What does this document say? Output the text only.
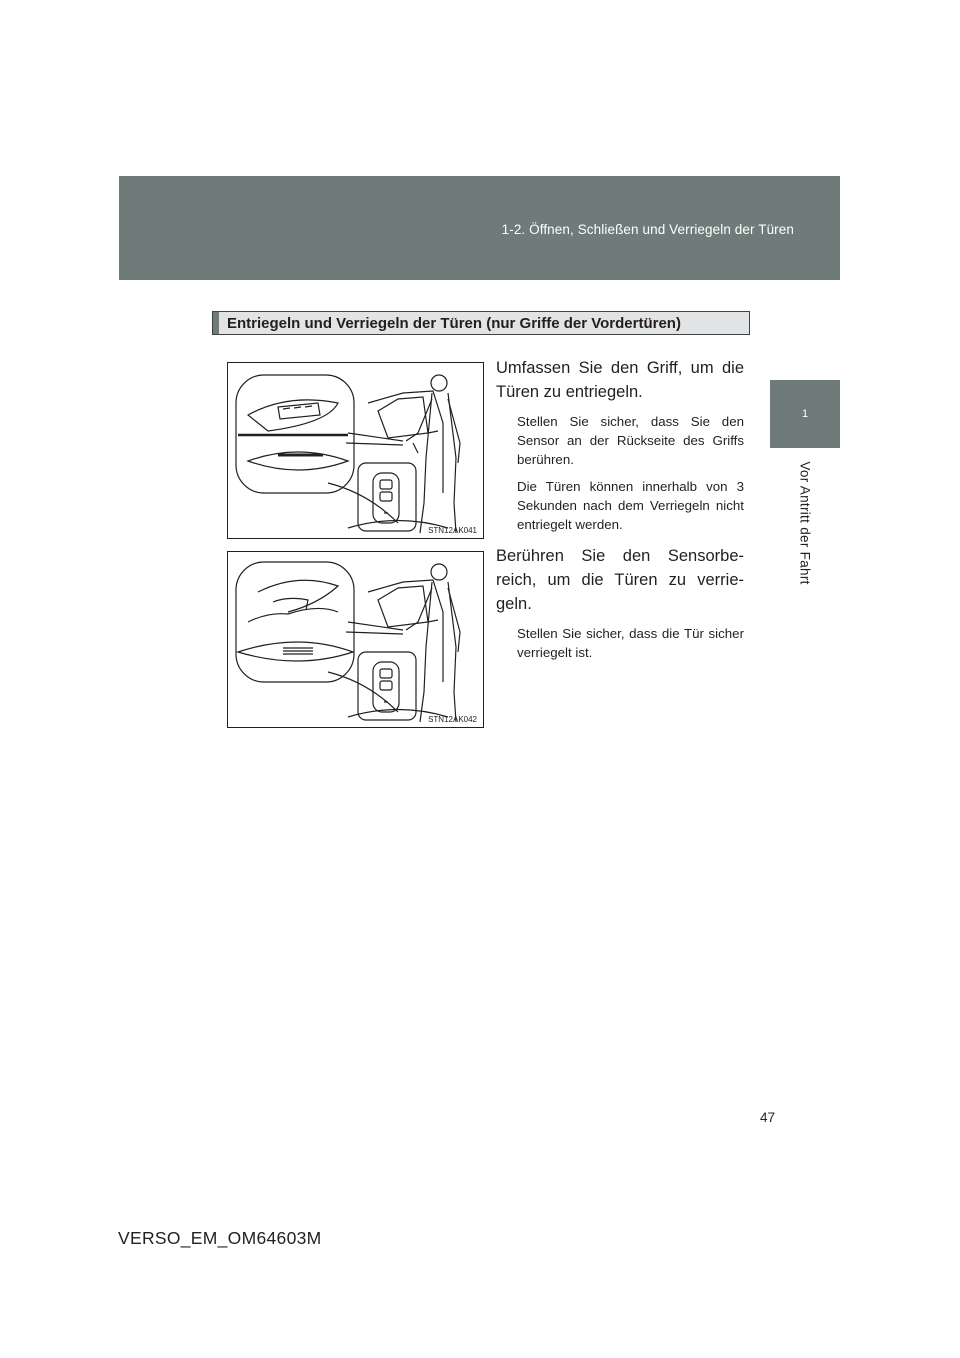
1-2. Öffnen, Schließen und Verriegeln der Türen
1
Vor Antritt der Fahrt
Entriegeln und Verriegeln der Türen (nur Griffe der Vordertüren)
STN12AK041

Umfassen Sie den Griff, um die Türen zu entriegeln.

Stellen Sie sicher, dass Sie den Sensor an der Rückseite des Griffs berühren.

Die Türen können innerhalb von 3 Sekunden nach dem Verriegeln nicht entriegelt werden.

STN12AK042

Berühren Sie den Sensorbe-reich, um die Türen zu verrie-geln.

Stellen Sie sicher, dass die Tür sicher verriegelt ist.

47
VERSO_EM_OM64603M
